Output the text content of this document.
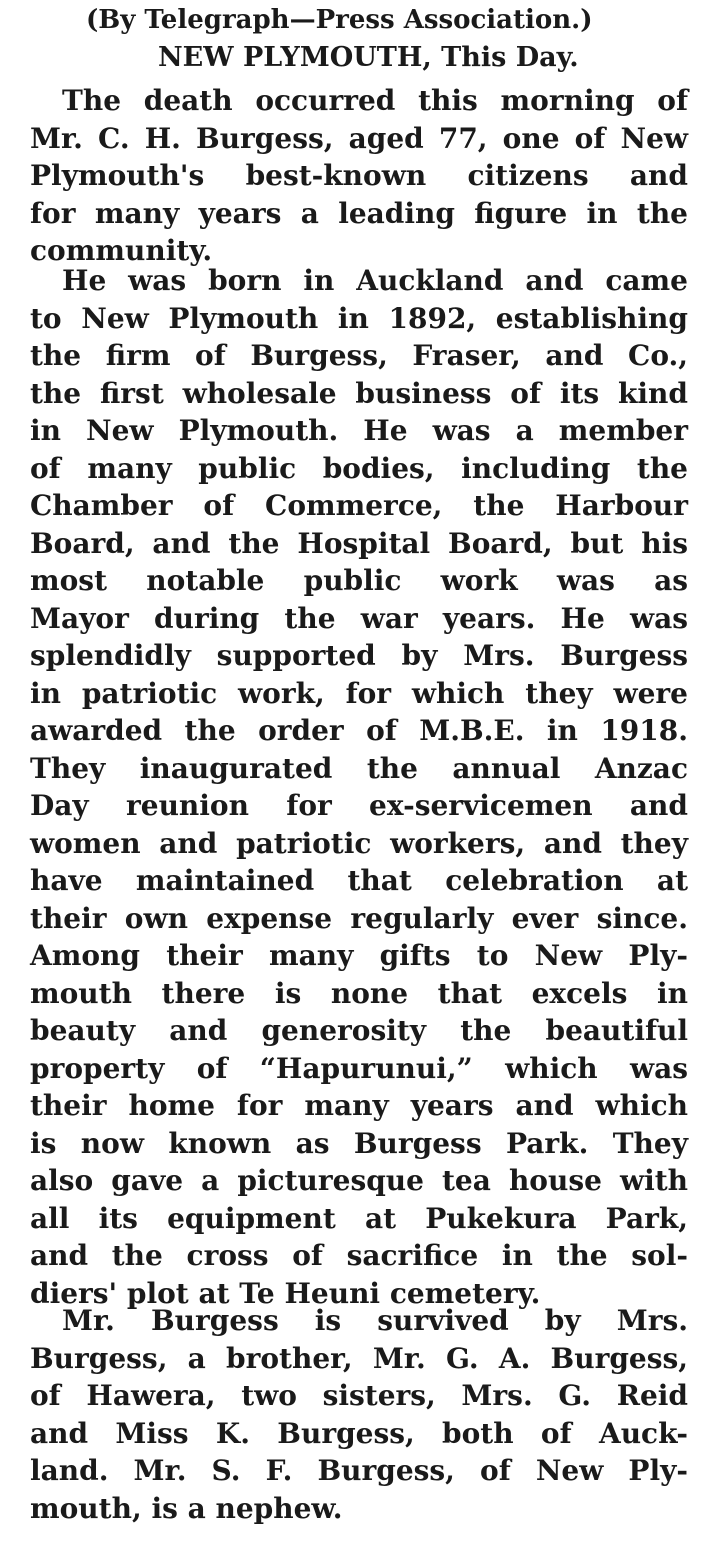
(By Telegraph—Press Association.)
NEW PLYMOUTH, This Day.
The death occurred this morning of
Mr. C. H. Burgess, aged 77, one of New
Plymouth's best-known citizens and
for many years a leading figure in the
community.
He was born in Auckland and came
to New Plymouth in 1892, establishing
the firm of Burgess, Fraser, and Co.,
the first wholesale business of its kind
in New Plymouth. He was a member
of many public bodies, including the
Chamber of Commerce, the Harbour
Board, and the Hospital Board, but his
most notable public work was as
Mayor during the war years. He was
splendidly supported by Mrs. Burgess
in patriotic work, for which they were
awarded the order of M.B.E. in 1918.
They inaugurated the annual Anzac
Day reunion for ex-servicemen and
women and patriotic workers, and they
have maintained that celebration at
their own expense regularly ever since.
Among their many gifts to New Ply-
mouth there is none that excels in
beauty and generosity the beautiful
property of “Hapurunui,” which was
their home for many years and which
is now known as Burgess Park. They
also gave a picturesque tea house with
all its equipment at Pukekura Park,
and the cross of sacrifice in the sol-
diers' plot at Te Heuni cemetery.
Mr. Burgess is survived by Mrs.
Burgess, a brother, Mr. G. A. Burgess,
of Hawera, two sisters, Mrs. G. Reid
and Miss K. Burgess, both of Auck-
land. Mr. S. F. Burgess, of New Ply-
mouth, is a nephew.
